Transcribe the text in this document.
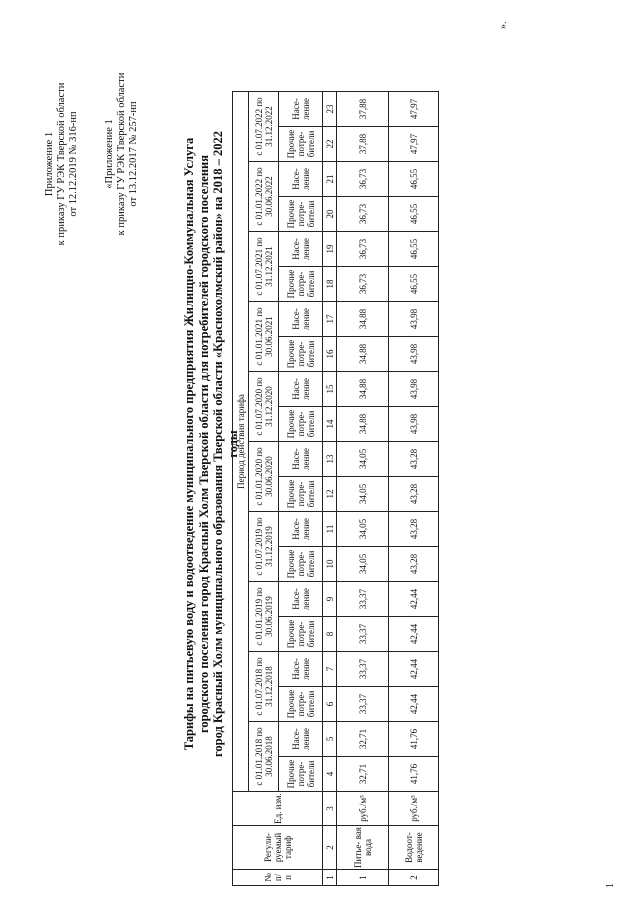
Приложение 1 к приказу ГУ РЭК Тверской области от 12.12.2019 № 316-нп «Приложение 1 к приказу ГУ РЭК Тверской области от 13.12.2017 № 257-нп	Тарифы на питьевую воду и водоотведение муниципального предприятия Жилищно-Коммунальная Услуга городского поселения город Красный Холм Тверской области для потребителей городского поселения город Красный Холм муниципального образования Тверской области «Краснохолмский район» на 2018 – 2022 годы
№ п/ п	Регули- руемый тариф	Ед. изм.	Период действия тарифа																			
			с 01.01.2018 по 30.06.2018		с 01.07.2018 по 31.12.2018		с 01.01.2019 по 30.06.2019		с 01.07.2019 по 31.12.2019		с 01.01.2020 по 30.06.2020		с 01.07.2020 по 31.12.2020		с 01.01.2021 по 30.06.2021		с 01.07.2021 по 31.12.2021		с 01.01.2022 по 30.06.2022		с 01.07.2022 по 31.12.2022	
			Прочие потре- бители	Насе- ление	Прочие потре- бители	Насе- ление	Прочие потре- бители	Насе- ление	Прочие потре- бители	Насе- ление	Прочие потре- бители	Насе- ление	Прочие потре- бители	Насе- ление	Прочие потре- бители	Насе- ление	Прочие потре- бители	Насе- ление	Прочие потре- бители	Насе- ление	Прочие потре- бители	Насе- ление
1	2	3	4	5	6	7	8	9	10	11	12	13	14	15	16	17	18	19	20	21	22	23
1	Питье- вая вода	руб./м³	32,71	32,71	33,37	33,37	33,37	33,37	34,05	34,05	34,05	34,05	34,88	34,88	34,88	34,88	36,73	36,73	36,73	36,73	37,88	37,88
2	Водоот- ведение	руб./м³	41,76	41,76	42,44	42,44	42,44	42,44	43,28	43,28	43,28	43,28	43,98	43,98	43,98	43,98	46,55	46,55	46,55	46,55	47,97	47,97
».
1
